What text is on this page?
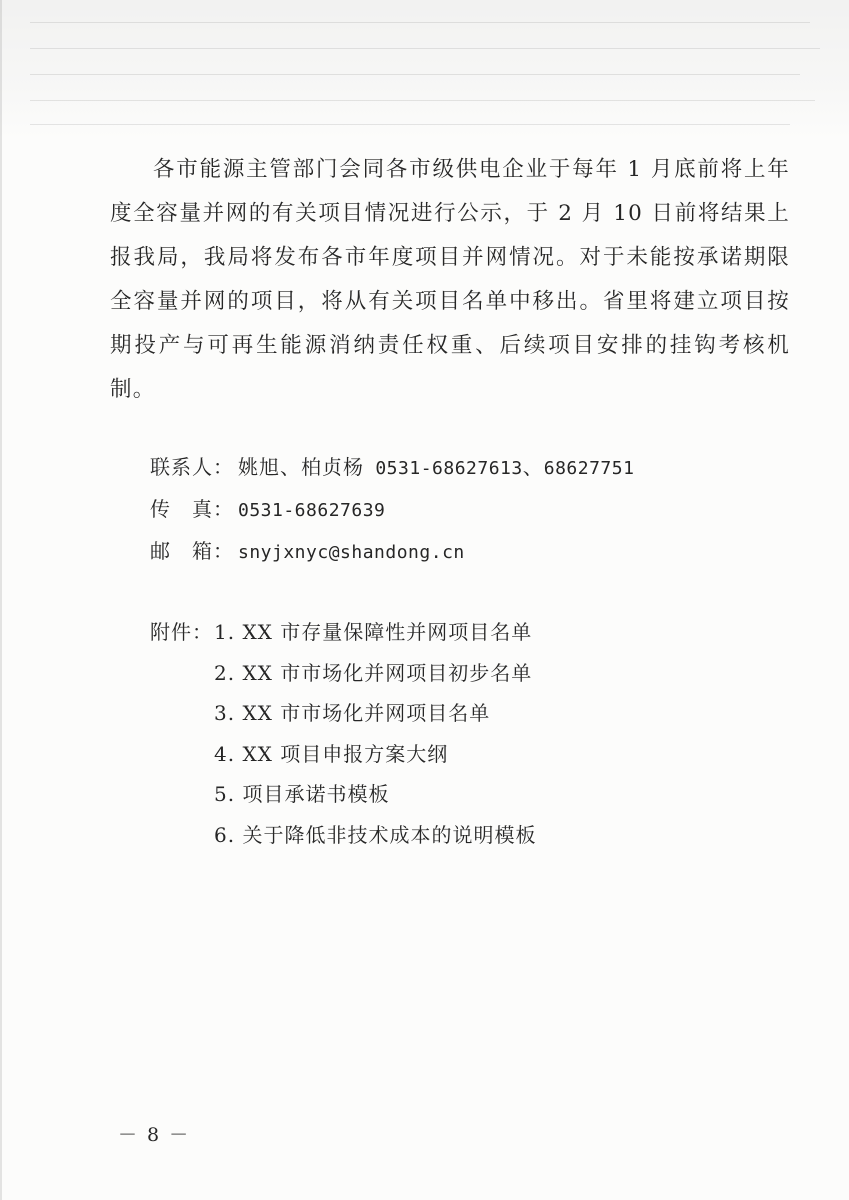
各市能源主管部门会同各市级供电企业于每年 1 月底前将上年度全容量并网的有关项目情况进行公示，于 2 月 10 日前将结果上报我局，我局将发布各市年度项目并网情况。对于未能按承诺期限全容量并网的项目，将从有关项目名单中移出。省里将建立项目按期投产与可再生能源消纳责任权重、后续项目安排的挂钩考核机制。

联系人： 姚旭、柏贞杨 0531-68627613、68627751
传　真： 0531-68627639
邮　箱： snyjxnyc@shandong.cn
附件：1. XX 市存量保障性并网项目名单
2. XX 市市场化并网项目初步名单
3. XX 市市场化并网项目名单
4. XX 项目申报方案大纲
5. 项目承诺书模板
6. 关于降低非技术成本的说明模板
－ 8 －
